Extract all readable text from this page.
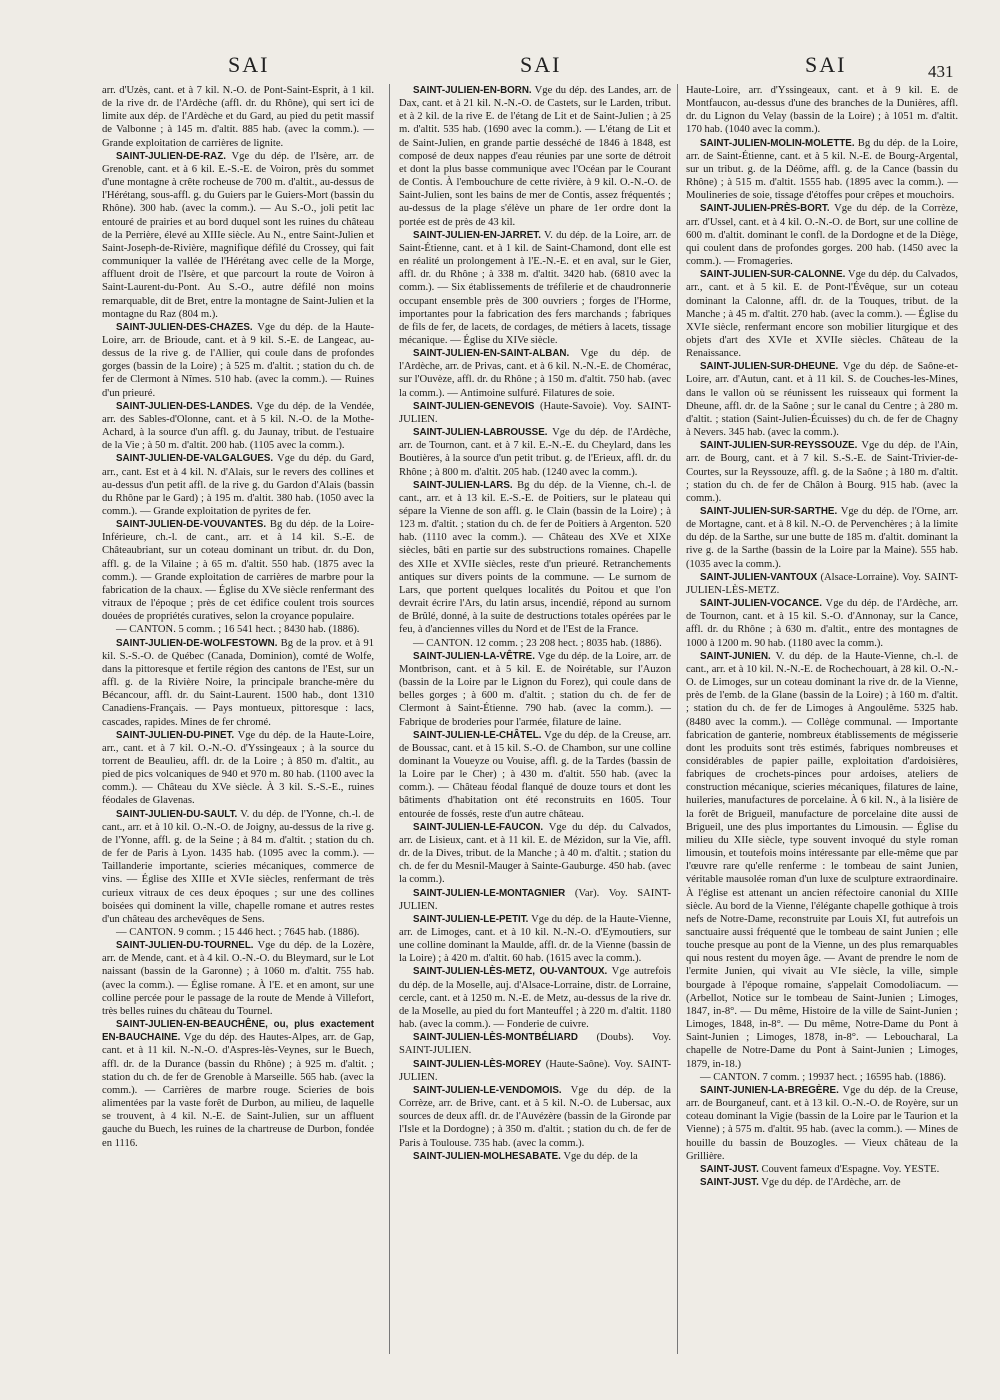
SAI	SAI	SAI	431
arr. d'Uzès, cant. et à 7 kil. N.-O. de Pont-Saint-Esprit, à 1 kil. de la rive dr. de l'Ardèche (affl. dr. du Rhône), qui sert ici de limite aux dép. de l'Ardèche et du Gard, au pied du petit massif de Valbonne ; à 145 m. d'altit. 885 hab. (avec la comm.). — Grande exploitation de carrières de lignite.
SAINT-JULIEN-DE-RAZ. Vge du dép. de l'Isère, arr. de Grenoble, cant. et à 6 kil. E.-S.-E. de Voiron, près du sommet d'une montagne à crête rocheuse de 700 m. d'altit., au-dessus de l'Hérétang, sous-affl. g. du Guiers par le Guiers-Mort (bassin du Rhône). 300 hab. (avec la comm.). — Au S.-O., joli petit lac entouré de prairies et au bord duquel sont les ruines du château de la Perrière, élevé au XIIIe siècle. Au N., entre Saint-Julien et Saint-Joseph-de-Rivière, magnifique défilé du Crossey, qui fait communiquer la vallée de l'Hérétang avec celle de la Morge, affluent droit de l'Isère, et que parcourt la route de Voiron à Saint-Laurent-du-Pont. Au S.-O., autre défilé non moins remarquable, dit de Bret, entre la montagne de Saint-Julien et la montagne du Raz (804 m.).
SAINT-JULIEN-DES-CHAZES. Vge du dép. de la Haute-Loire, arr. de Brioude, cant. et à 9 kil. S.-E. de Langeac, au-dessus de la rive g. de l'Allier, qui coule dans de profondes gorges (bassin de la Loire) ; à 525 m. d'altit. ; station du ch. de fer de Clermont à Nîmes. 510 hab. (avec la comm.). — Ruines d'un prieuré.
SAINT-JULIEN-DES-LANDES. Vge du dép. de la Vendée, arr. des Sables-d'Olonne, cant. et à 5 kil. N.-O. de la Mothe-Achard, à la source d'un affl. g. du Jaunay, tribut. de l'estuaire de la Vie ; à 50 m. d'altit. 200 hab. (1105 avec la comm.).
SAINT-JULIEN-DE-VALGALGUES. Vge du dép. du Gard, arr., cant. Est et à 4 kil. N. d'Alais, sur le revers des collines et au-dessus d'un petit affl. de la rive g. du Gardon d'Alais (bassin du Rhône par le Gard) ; à 195 m. d'altit. 380 hab. (1050 avec la comm.). — Grande exploitation de pyrites de fer.
SAINT-JULIEN-DE-VOUVANTES. Bg du dép. de la Loire-Inférieure, ch.-l. de cant., arr. et à 14 kil. S.-E. de Châteaubriant, sur un coteau dominant un tribut. dr. du Don, affl. g. de la Vilaine ; à 65 m. d'altit. 550 hab. (1875 avec la comm.). — Grande exploitation de carrières de marbre pour la fabrication de la chaux. — Église du XVe siècle renfermant des vitraux de l'époque ; près de cet édifice coulent trois sources douées de propriétés curatives, selon la croyance populaire.
— CANTON. 5 comm. ; 16 541 hect. ; 8430 hab. (1886).
SAINT-JULIEN-DE-WOLFESTOWN. Bg de la prov. et à 91 kil. S.-S.-O. de Québec (Canada, Dominion), comté de Wolfe, dans la pittoresque et fertile région des cantons de l'Est, sur un affl. g. de la Rivière Noire, la principale branche-mère du Bécancour, affl. dr. du Saint-Laurent. 1500 hab., dont 1310 Canadiens-Français. — Pays montueux, pittoresque : lacs, cascades, rapides. Mines de fer chromé.
SAINT-JULIEN-DU-PINET. Vge du dép. de la Haute-Loire, arr., cant. et à 7 kil. O.-N.-O. d'Yssingeaux ; à la source du torrent de Beaulieu, affl. dr. de la Loire ; à 850 m. d'altit., au pied de pics volcaniques de 940 et 970 m. 80 hab. (1100 avec la comm.). — Château du XVe siècle. À 3 kil. S.-S.-E., ruines féodales de Glavenas.
SAINT-JULIEN-DU-SAULT. V. du dép. de l'Yonne, ch.-l. de cant., arr. et à 10 kil. O.-N.-O. de Joigny, au-dessus de la rive g. de l'Yonne, affl. g. de la Seine ; à 84 m. d'altit. ; station du ch. de fer de Paris à Lyon. 1435 hab. (1095 avec la comm.). — Taillanderie importante, scieries mécaniques, commerce de vins. — Église des XIIIe et XVIe siècles, renfermant de très curieux vitraux de ces deux époques ; sur une des collines boisées qui dominent la ville, chapelle romane et autres restes d'un château des archevêques de Sens.
— CANTON. 9 comm. ; 15 446 hect. ; 7645 hab. (1886).
SAINT-JULIEN-DU-TOURNEL. Vge du dép. de la Lozère, arr. de Mende, cant. et à 4 kil. O.-N.-O. du Bleymard, sur le Lot naissant (bassin de la Garonne) ; à 1060 m. d'altit. 755 hab. (avec la comm.). — Église romane. À l'E. et en amont, sur une colline percée pour le passage de la route de Mende à Villefort, très belles ruines du château du Tournel.
SAINT-JULIEN-EN-BEAUCHÊNE, ou, plus exactement EN-BAUCHAINE. Vge du dép. des Hautes-Alpes, arr. de Gap, cant. et à 11 kil. N.-N.-O. d'Aspres-lès-Veynes, sur le Buech, affl. dr. de la Durance (bassin du Rhône) ; à 925 m. d'altit. ; station du ch. de fer de Grenoble à Marseille. 565 hab. (avec la comm.). — Carrières de marbre rouge. Scieries de bois alimentées par la vaste forêt de Durbon, au milieu, de laquelle se trouvent, à 4 kil. N.-E. de Saint-Julien, sur un affluent gauche du Buech, les ruines de la chartreuse de Durbon, fondée en 1116.
SAINT-JULIEN-EN-BORN. Vge du dép. des Landes, arr. de Dax, cant. et à 21 kil. N.-N.-O. de Castets, sur le Larden, tribut. et à 2 kil. de la rive E. de l'étang de Lit et de Saint-Julien ; à 25 m. d'altit. 535 hab. (1690 avec la comm.). — L'étang de Lit et de Saint-Julien, en grande partie desséché de 1846 à 1848, est composé de deux nappes d'eau réunies par une sorte de détroit et dont la plus basse communique avec l'Océan par le Courant de Contis. À l'embouchure de cette rivière, à 9 kil. O.-N.-O. de Saint-Julien, sont les bains de mer de Contis, assez fréquentés ; au-dessus de la plage s'élève un phare de 1er ordre dont la portée est de près de 43 kil.
SAINT-JULIEN-EN-JARRET. V. du dép. de la Loire, arr. de Saint-Étienne, cant. et à 1 kil. de Saint-Chamond, dont elle est en réalité un prolongement à l'E.-N.-E. et en aval, sur le Gier, affl. dr. du Rhône ; à 338 m. d'altit. 3420 hab. (6810 avec la comm.). — Six établissements de tréfilerie et de chaudronnerie occupant ensemble près de 300 ouvriers ; forges de l'Horme, importantes pour la fabrication des fers marchands ; fabriques de fils de fer, de lacets, de cordages, de métiers à lacets, tissage mécanique. — Église du XIVe siècle.
SAINT-JULIEN-EN-SAINT-ALBAN. Vge du dép. de l'Ardèche, arr. de Privas, cant. et à 6 kil. N.-N.-E. de Chomérac, sur l'Ouvèze, affl. dr. du Rhône ; à 150 m. d'altit. 750 hab. (avec la comm.). — Antimoine sulfuré. Filatures de soie.
SAINT-JULIEN-GENEVOIS (Haute-Savoie). Voy. SAINT-JULIEN.
SAINT-JULIEN-LABROUSSE. Vge du dép. de l'Ardèche, arr. de Tournon, cant. et à 7 kil. E.-N.-E. du Cheylard, dans les Boutières, à la source d'un petit tribut. g. de l'Erieux, affl. dr. du Rhône ; à 800 m. d'altit. 205 hab. (1240 avec la comm.).
SAINT-JULIEN-LARS. Bg du dép. de la Vienne, ch.-l. de cant., arr. et à 13 kil. E.-S.-E. de Poitiers, sur le plateau qui sépare la Vienne de son affl. g. le Clain (bassin de la Loire) ; à 123 m. d'altit. ; station du ch. de fer de Poitiers à Argenton. 520 hab. (1110 avec la comm.). — Château des XVe et XIXe siècles, bâti en partie sur des substructions romaines. Chapelle des XIIe et XVIIe siècles, reste d'un prieuré. Retranchements antiques sur divers points de la commune. — Le surnom de Lars, que portent quelques localités du Poitou et que l'on devrait écrire l'Ars, du latin arsus, incendié, répond au surnom de Brûlé, donné, à la suite de destructions totales opérées par le feu, à d'anciennes villes du Nord et de l'Est de la France.
— CANTON. 12 comm. ; 23 208 hect. ; 8035 hab. (1886).
SAINT-JULIEN-LA-VÊTRE. Vge du dép. de la Loire, arr. de Montbrison, cant. et à 5 kil. E. de Noirétable, sur l'Auzon (bassin de la Loire par le Lignon du Forez), qui coule dans de belles gorges ; à 600 m. d'altit. ; station du ch. de fer de Clermont à Saint-Étienne. 790 hab. (avec la comm.). — Fabrique de broderies pour l'armée, filature de laine.
SAINT-JULIEN-LE-CHÂTEL. Vge du dép. de la Creuse, arr. de Boussac, cant. et à 15 kil. S.-O. de Chambon, sur une colline dominant la Voueyze ou Vouise, affl. g. de la Tardes (bassin de la Loire par le Cher) ; à 430 m. d'altit. 550 hab. (avec la comm.). — Château féodal flanqué de douze tours et dont les bâtiments d'habitation ont été reconstruits en 1605. Tour entourée de fossés, reste d'un autre château.
SAINT-JULIEN-LE-FAUCON. Vge du dép. du Calvados, arr. de Lisieux, cant. et à 11 kil. E. de Mézidon, sur la Vie, affl. dr. de la Dives, tribut. de la Manche ; à 40 m. d'altit. ; station du ch. de fer du Mesnil-Mauger à Sainte-Gauburge. 450 hab. (avec la comm.).
SAINT-JULIEN-LE-MONTAGNIER (Var). Voy. SAINT-JULIEN.
SAINT-JULIEN-LE-PETIT. Vge du dép. de la Haute-Vienne, arr. de Limoges, cant. et à 10 kil. N.-N.-O. d'Eymoutiers, sur une colline dominant la Maulde, affl. dr. de la Vienne (bassin de la Loire) ; à 420 m. d'altit. 60 hab. (1615 avec la comm.).
SAINT-JULIEN-LÈS-METZ, OU-VANTOUX. Vge autrefois du dép. de la Moselle, auj. d'Alsace-Lorraine, distr. de Lorraine, cercle, cant. et à 1250 m. N.-E. de Metz, au-dessus de la rive dr. de la Moselle, au pied du fort Manteuffel ; à 220 m. d'altit. 1180 hab. (avec la comm.). — Fonderie de cuivre.
SAINT-JULIEN-LÈS-MONTBÉLIARD (Doubs). Voy. SAINT-JULIEN.
SAINT-JULIEN-LÈS-MOREY (Haute-Saône). Voy. SAINT-JULIEN.
SAINT-JULIEN-LE-VENDOMOIS. Vge du dép. de la Corrèze, arr. de Brive, cant. et à 5 kil. N.-O. de Lubersac, aux sources de deux affl. dr. de l'Auvézère (bassin de la Gironde par l'Isle et la Dordogne) ; à 350 m. d'altit. ; station du ch. de fer de Paris à Toulouse. 735 hab. (avec la comm.).
SAINT-JULIEN-MOLHESABATE. Vge du dép. de la
Haute-Loire, arr. d'Yssingeaux, cant. et à 9 kil. E. de Montfaucon, au-dessus d'une des branches de la Dunières, affl. dr. du Lignon du Velay (bassin de la Loire) ; à 1051 m. d'altit. 170 hab. (1040 avec la comm.).
SAINT-JULIEN-MOLIN-MOLETTE. Bg du dép. de la Loire, arr. de Saint-Étienne, cant. et à 5 kil. N.-E. de Bourg-Argental, sur un tribut. g. de la Déôme, affl. g. de la Cance (bassin du Rhône) ; à 515 m. d'altit. 1555 hab. (1895 avec la comm.). — Moulineries de soie, tissage d'étoffes pour crêpes et mouchoirs.
SAINT-JULIEN-PRÈS-BORT. Vge du dép. de la Corrèze, arr. d'Ussel, cant. et à 4 kil. O.-N.-O. de Bort, sur une colline de 600 m. d'altit. dominant le confl. de la Dordogne et de la Diège, qui coulent dans de profondes gorges. 200 hab. (1450 avec la comm.). — Fromageries.
SAINT-JULIEN-SUR-CALONNE. Vge du dép. du Calvados, arr., cant. et à 5 kil. E. de Pont-l'Évêque, sur un coteau dominant la Calonne, affl. dr. de la Touques, tribut. de la Manche ; à 45 m. d'altit. 270 hab. (avec la comm.). — Église du XVIe siècle, renfermant encore son mobilier liturgique et des objets d'art des XVIe et XVIIe siècles. Château de la Renaissance.
SAINT-JULIEN-SUR-DHEUNE. Vge du dép. de Saône-et-Loire, arr. d'Autun, cant. et à 11 kil. S. de Couches-les-Mines, dans le vallon où se réunissent les ruisseaux qui forment la Dheune, affl. dr. de la Saône ; sur le canal du Centre ; à 280 m. d'altit. ; station (Saint-Julien-Écuisses) du ch. de fer de Chagny à Nevers. 345 hab. (avec la comm.).
SAINT-JULIEN-SUR-REYSSOUZE. Vge du dép. de l'Ain, arr. de Bourg, cant. et à 7 kil. S.-S.-E. de Saint-Trivier-de-Courtes, sur la Reyssouze, affl. g. de la Saône ; à 180 m. d'altit. ; station du ch. de fer de Châlon à Bourg. 915 hab. (avec la comm.).
SAINT-JULIEN-SUR-SARTHE. Vge du dép. de l'Orne, arr. de Mortagne, cant. et à 8 kil. N.-O. de Pervenchères ; à la limite du dép. de la Sarthe, sur une butte de 185 m. d'altit. dominant la rive g. de la Sarthe (bassin de la Loire par la Maine). 555 hab. (1035 avec la comm.).
SAINT-JULIEN-VANTOUX (Alsace-Lorraine). Voy. SAINT-JULIEN-LÈS-METZ.
SAINT-JULIEN-VOCANCE. Vge du dép. de l'Ardèche, arr. de Tournon, cant. et à 15 kil. S.-O. d'Annonay, sur la Cance, affl. dr. du Rhône ; à 630 m. d'altit., entre des montagnes de 1000 à 1200 m. 90 hab. (1180 avec la comm.).
SAINT-JUNIEN. V. du dép. de la Haute-Vienne, ch.-l. de cant., arr. et à 10 kil. N.-N.-E. de Rochechouart, à 28 kil. O.-N.-O. de Limoges, sur un coteau dominant la rive dr. de la Vienne, près de l'emb. de la Glane (bassin de la Loire) ; à 160 m. d'altit. ; station du ch. de fer de Limoges à Angoulême. 5325 hab. (8480 avec la comm.). — Collège communal. — Importante fabrication de ganterie, nombreux établissements de mégisserie dont les produits sont très estimés, fabriques nombreuses et considérables de papier paille, exploitation d'ardoisières, fabriques de crochets-pinces pour ardoises, ateliers de construction mécanique, scieries mécaniques, filatures de laine, huileries, manufactures de porcelaine. À 6 kil. N., à la lisière de la forêt de Brigueil, manufacture de porcelaine dite aussi de Brigueil, une des plus importantes du Limousin. — Église du milieu du XIIe siècle, type souvent invoqué du style roman limousin, et toutefois moins intéressante par elle-même que par l'œuvre rare qu'elle renferme : le tombeau de saint Junien, véritable mausolée roman d'un luxe de sculpture extraordinaire. À l'église est attenant un ancien réfectoire canonial du XIIIe siècle. Au bord de la Vienne, l'élégante chapelle gothique à trois nefs de Notre-Dame, reconstruite par Louis XI, fut autrefois un sanctuaire aussi fréquenté que le tombeau de saint Junien ; elle touche presque au pont de la Vienne, un des plus remarquables qui nous restent du moyen âge. — Avant de prendre le nom de l'ermite Junien, qui vivait au VIe siècle, la ville, simple bourgade à l'époque romaine, s'appelait Comodoliacum. — (Arbellot, Notice sur le tombeau de Saint-Junien ; Limoges, 1847, in-8°. — Du même, Histoire de la ville de Saint-Junien ; Limoges, 1848, in-8°. — Du même, Notre-Dame du Pont à Saint-Junien ; Limoges, 1878, in-8°. — Leboucharal, La chapelle de Notre-Dame du Pont à Saint-Junien ; Limoges, 1879, in-18.)
— CANTON. 7 comm. ; 19937 hect. ; 16595 hab. (1886).
SAINT-JUNIEN-LA-BREGÈRE. Vge du dép. de la Creuse, arr. de Bourganeuf, cant. et à 13 kil. O.-N.-O. de Royère, sur un coteau dominant la Vigie (bassin de la Loire par le Taurion et la Vienne) ; à 575 m. d'altit. 95 hab. (avec la comm.). — Mines de houille du bassin de Bouzogles. — Vieux château de la Grillière.
SAINT-JUST. Couvent fameux d'Espagne. Voy. YESTE.
SAINT-JUST. Vge du dép. de l'Ardèche, arr. de
